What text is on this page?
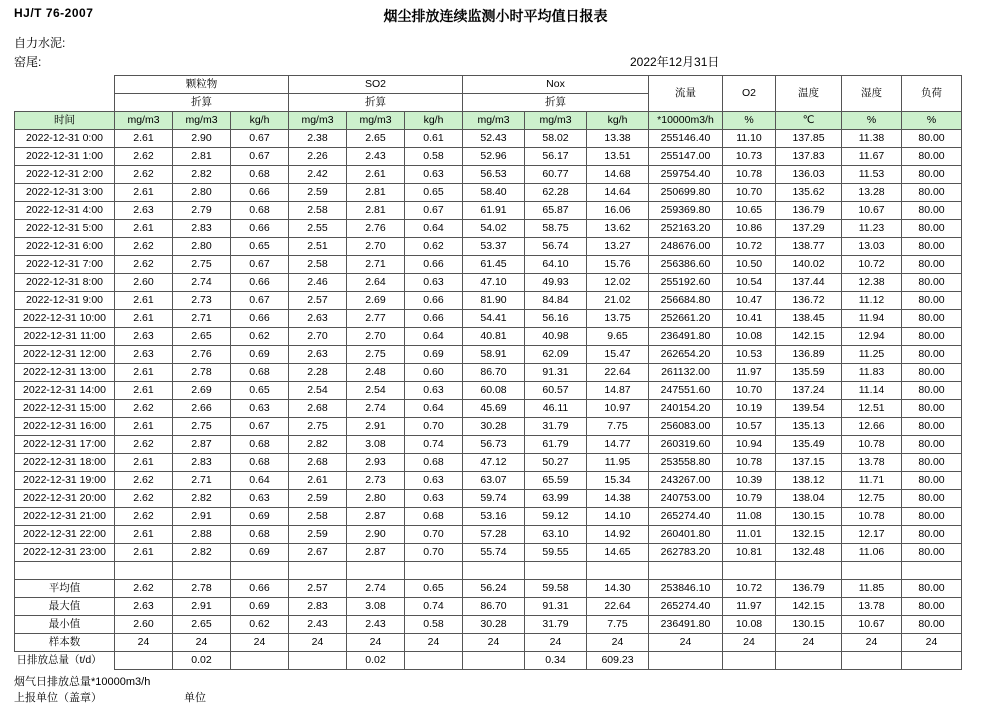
HJ/T 76-2007	烟尘排放连续监测小时平均值日报表
自力水泥:
窑尾:	2022年12月31日
	颗粒物			SO2			Nox			流量	O2	温度	湿度	负荷
		折算			折算			折算						
时间	mg/m3	mg/m3	kg/h	mg/m3	mg/m3	kg/h	mg/m3	mg/m3	kg/h	*10000m3/h	%	℃	%	%
2022-12-31 0:00	2.61	2.90	0.67	2.38	2.65	0.61	52.43	58.02	13.38	255146.40	11.10	137.85	11.38	80.00
2022-12-31 1:00	2.62	2.81	0.67	2.26	2.43	0.58	52.96	56.17	13.51	255147.00	10.73	137.83	11.67	80.00
2022-12-31 2:00	2.62	2.82	0.68	2.42	2.61	0.63	56.53	60.77	14.68	259754.40	10.78	136.03	11.53	80.00
2022-12-31 3:00	2.61	2.80	0.66	2.59	2.81	0.65	58.40	62.28	14.64	250699.80	10.70	135.62	13.28	80.00
2022-12-31 4:00	2.63	2.79	0.68	2.58	2.81	0.67	61.91	65.87	16.06	259369.80	10.65	136.79	10.67	80.00
2022-12-31 5:00	2.61	2.83	0.66	2.55	2.76	0.64	54.02	58.75	13.62	252163.20	10.86	137.29	11.23	80.00
2022-12-31 6:00	2.62	2.80	0.65	2.51	2.70	0.62	53.37	56.74	13.27	248676.00	10.72	138.77	13.03	80.00
2022-12-31 7:00	2.62	2.75	0.67	2.58	2.71	0.66	61.45	64.10	15.76	256386.60	10.50	140.02	10.72	80.00
2022-12-31 8:00	2.60	2.74	0.66	2.46	2.64	0.63	47.10	49.93	12.02	255192.60	10.54	137.44	12.38	80.00
2022-12-31 9:00	2.61	2.73	0.67	2.57	2.69	0.66	81.90	84.84	21.02	256684.80	10.47	136.72	11.12	80.00
2022-12-31 10:00	2.61	2.71	0.66	2.63	2.77	0.66	54.41	56.16	13.75	252661.20	10.41	138.45	11.94	80.00
2022-12-31 11:00	2.63	2.65	0.62	2.70	2.70	0.64	40.81	40.98	9.65	236491.80	10.08	142.15	12.94	80.00
2022-12-31 12:00	2.63	2.76	0.69	2.63	2.75	0.69	58.91	62.09	15.47	262654.20	10.53	136.89	11.25	80.00
2022-12-31 13:00	2.61	2.78	0.68	2.28	2.48	0.60	86.70	91.31	22.64	261132.00	11.97	135.59	11.83	80.00
2022-12-31 14:00	2.61	2.69	0.65	2.54	2.54	0.63	60.08	60.57	14.87	247551.60	10.70	137.24	11.14	80.00
2022-12-31 15:00	2.62	2.66	0.63	2.68	2.74	0.64	45.69	46.11	10.97	240154.20	10.19	139.54	12.51	80.00
2022-12-31 16:00	2.61	2.75	0.67	2.75	2.91	0.70	30.28	31.79	7.75	256083.00	10.57	135.13	12.66	80.00
2022-12-31 17:00	2.62	2.87	0.68	2.82	3.08	0.74	56.73	61.79	14.77	260319.60	10.94	135.49	10.78	80.00
2022-12-31 18:00	2.61	2.83	0.68	2.68	2.93	0.68	47.12	50.27	11.95	253558.80	10.78	137.15	13.78	80.00
2022-12-31 19:00	2.62	2.71	0.64	2.61	2.73	0.63	63.07	65.59	15.34	243267.00	10.39	138.12	11.71	80.00
2022-12-31 20:00	2.62	2.82	0.63	2.59	2.80	0.63	59.74	63.99	14.38	240753.00	10.79	138.04	12.75	80.00
2022-12-31 21:00	2.62	2.91	0.69	2.58	2.87	0.68	53.16	59.12	14.10	265274.40	11.08	130.15	10.78	80.00
2022-12-31 22:00	2.61	2.88	0.68	2.59	2.90	0.70	57.28	63.10	14.92	260401.80	11.01	132.15	12.17	80.00
2022-12-31 23:00	2.61	2.82	0.69	2.67	2.87	0.70	55.74	59.55	14.65	262783.20	10.81	132.48	11.06	80.00

平均值	2.62	2.78	0.66	2.57	2.74	0.65	56.24	59.58	14.30	253846.10	10.72	136.79	11.85	80.00
最大值	2.63	2.91	0.69	2.83	3.08	0.74	86.70	91.31	22.64	265274.40	11.97	142.15	13.78	80.00
最小值	2.60	2.65	0.62	2.43	2.43	0.58	30.28	31.79	7.75	236491.80	10.08	130.15	10.67	80.00
样本数	24	24	24	24	24	24	24	24	24	24	24	24	24	24
日排放总量（t/d）		0.02			0.02			0.34	609.23					
烟气日排放总量*10000m3/h
上报单位（盖章）	单位
